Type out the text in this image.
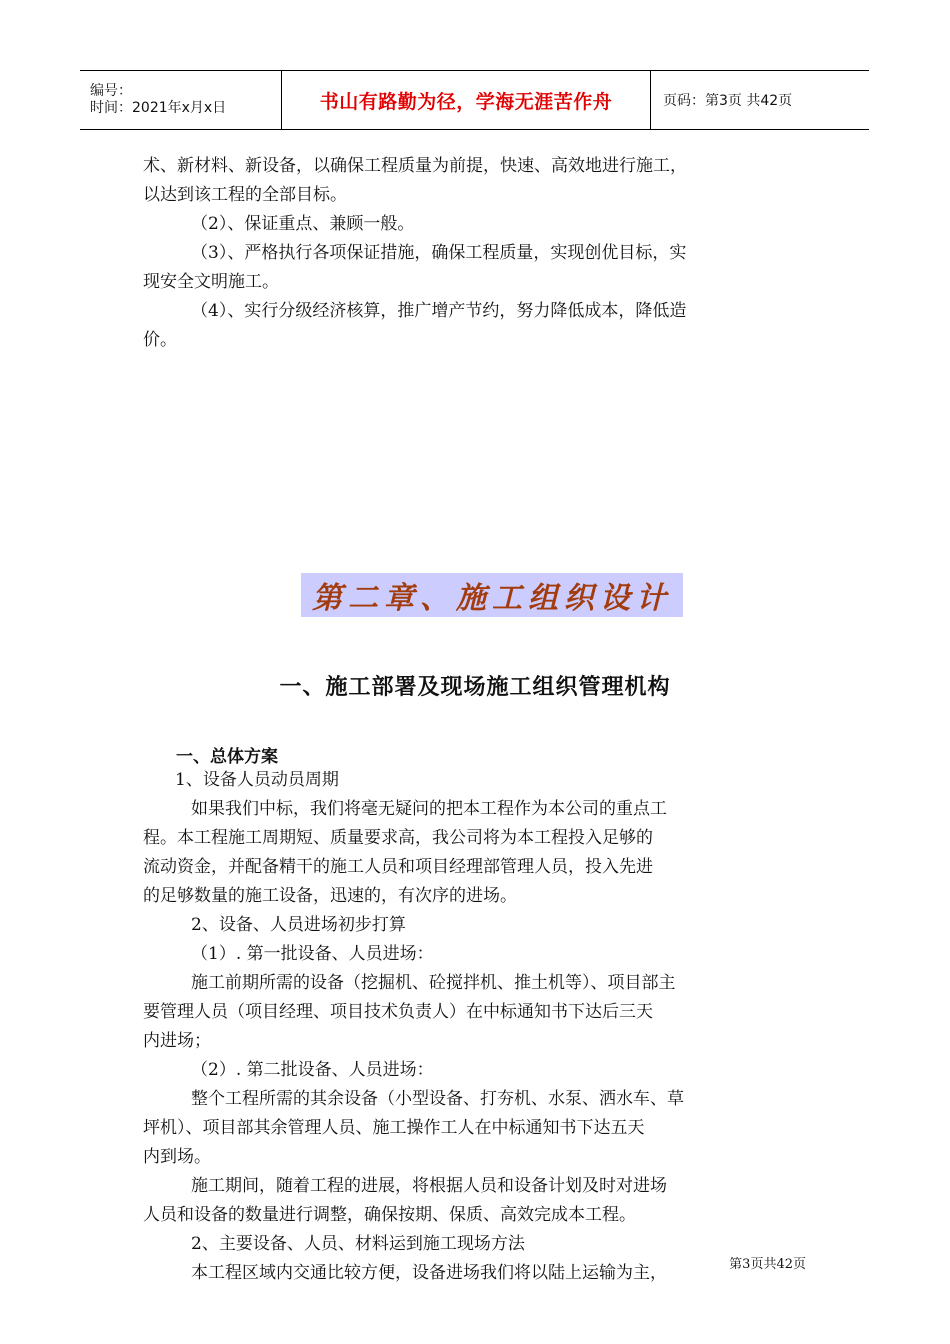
编号：
时间：2021年x月x日	书山有路勤为径，学海无涯苦作舟	页码：第3页 共42页
术、新材料、新设备，以确保工程质量为前提，快速、高效地进行施工，
以达到该工程的全部目标。
（2）、保证重点、兼顾一般。
（3）、严格执行各项保证措施，确保工程质量，实现创优目标，实
现安全文明施工。
（4）、实行分级经济核算，推广增产节约，努力降低成本，降低造
价。
第二章、施工组织设计
一、施工部署及现场施工组织管理机构
一、总体方案
1、设备人员动员周期
如果我们中标，我们将毫无疑问的把本工程作为本公司的重点工
程。本工程施工周期短、质量要求高，我公司将为本工程投入足够的
流动资金，并配备精干的施工人员和项目经理部管理人员，投入先进
的足够数量的施工设备，迅速的，有次序的进场。
2、设备、人员进场初步打算
（1）. 第一批设备、人员进场：
施工前期所需的设备（挖掘机、砼搅拌机、推土机等）、项目部主
要管理人员（项目经理、项目技术负责人）在中标通知书下达后三天
内进场；
（2）. 第二批设备、人员进场：
整个工程所需的其余设备（小型设备、打夯机、水泵、洒水车、草
坪机）、项目部其余管理人员、施工操作工人在中标通知书下达五天
内到场。
施工期间，随着工程的进展，将根据人员和设备计划及时对进场
人员和设备的数量进行调整，确保按期、保质、高效完成本工程。
2、主要设备、人员、材料运到施工现场方法
本工程区域内交通比较方便，设备进场我们将以陆上运输为主，	第3页共42页
